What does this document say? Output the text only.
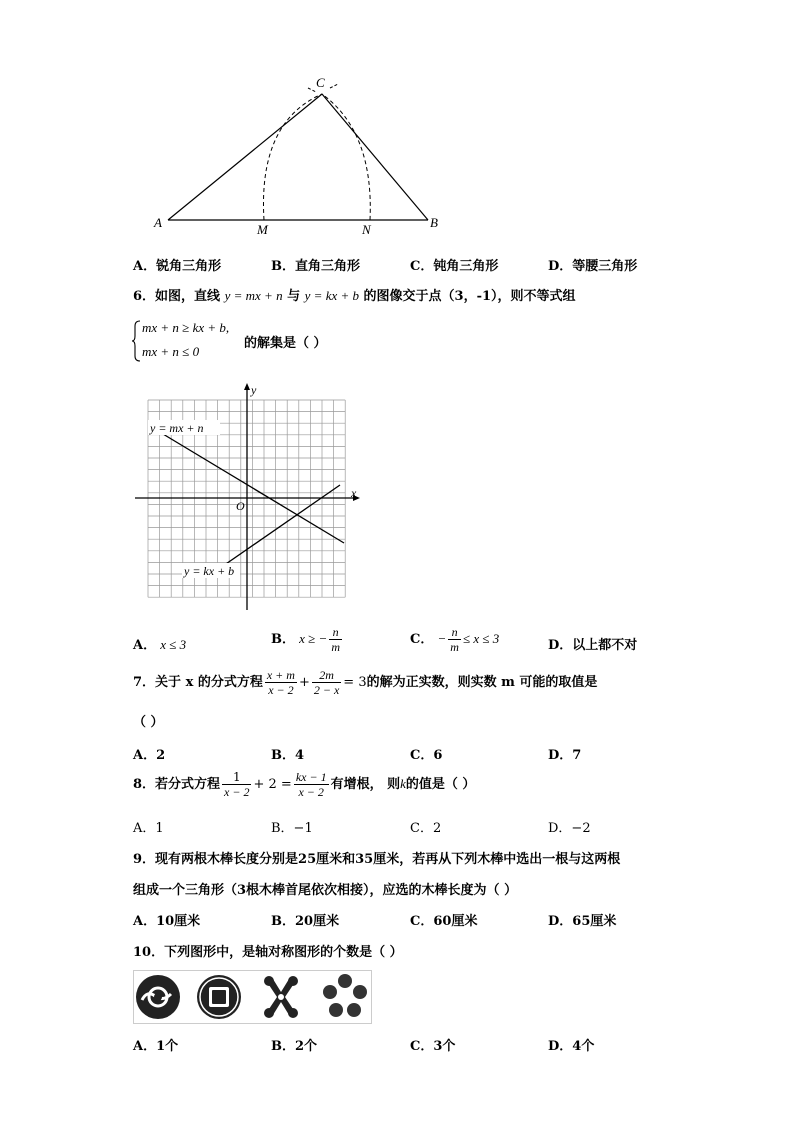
C
A	B
M	N
A．锐角三角形	B．直角三角形	C．钝角三角形	D．等腰三角形
6．如图，直线 y = mx + n 与 y = kx + b 的图像交于点（3，-1），则不等式组
mx + n ≥ kx + b,
mx + n ≤ 0
的解集是（ ）
y
x
O
y = mx + n
y = kx + b
A． x ≤ 3	B． x ≥ − $\frac{n}{m}$	C． − $\frac{n}{m} \le x \le 3$	D．以上都不对
7．关于 x 的分式方程 $\frac{x + m}{x - 2} + \frac{2m}{2 - x} = 3$的解为正实数，则实数 m 可能的取值是
（ ）
A．2	B．4	C．6	D．7
8．若分式方程 $\frac{1}{x - 2} + 2 = \frac{kx - 1}{x - 2}$ 有增根， 则k的值是（ ）
A．1	B．−1	C．2	D．−2
9．现有两根木棒长度分别是25厘米和35厘米，若再从下列木棒中选出一根与这两根
组成一个三角形（3根木棒首尾依次相接），应选的木棒长度为（ ）
A．10厘米	B．20厘米	C．60厘米	D．65厘米
10．下列图形中，是轴对称图形的个数是（ ）
A．1个	B．2个	C．3个	D．4个
